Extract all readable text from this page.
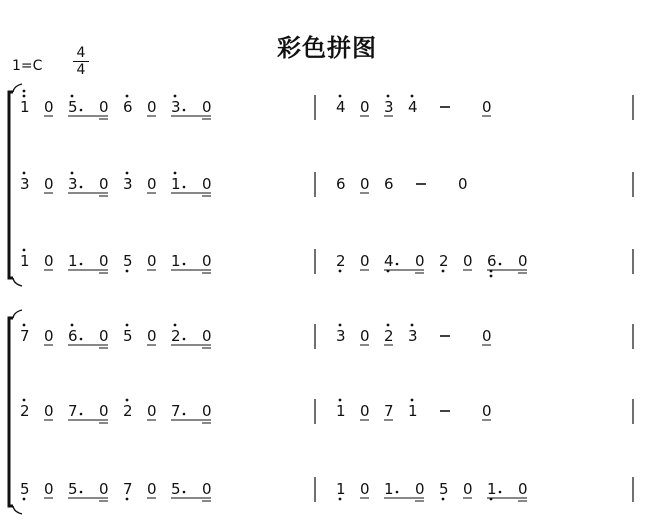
彩色拼图
1=C
4
4
1 0 5 0 6 0 3 0	4 0 3 4	0
3 0 3 0 3 0 1 0	6 0 6	0
1 0 1 0 5 0 1 0	2 0 4 0 2 0 6 0
7 0 6 0 5 0 2 0	3 0 2 3	0
2 0 7 0 2 0 7 0	1 0 7 1	0
5 0 5 0 7 0 5 0	1 0 1 0 5 0 1 0
